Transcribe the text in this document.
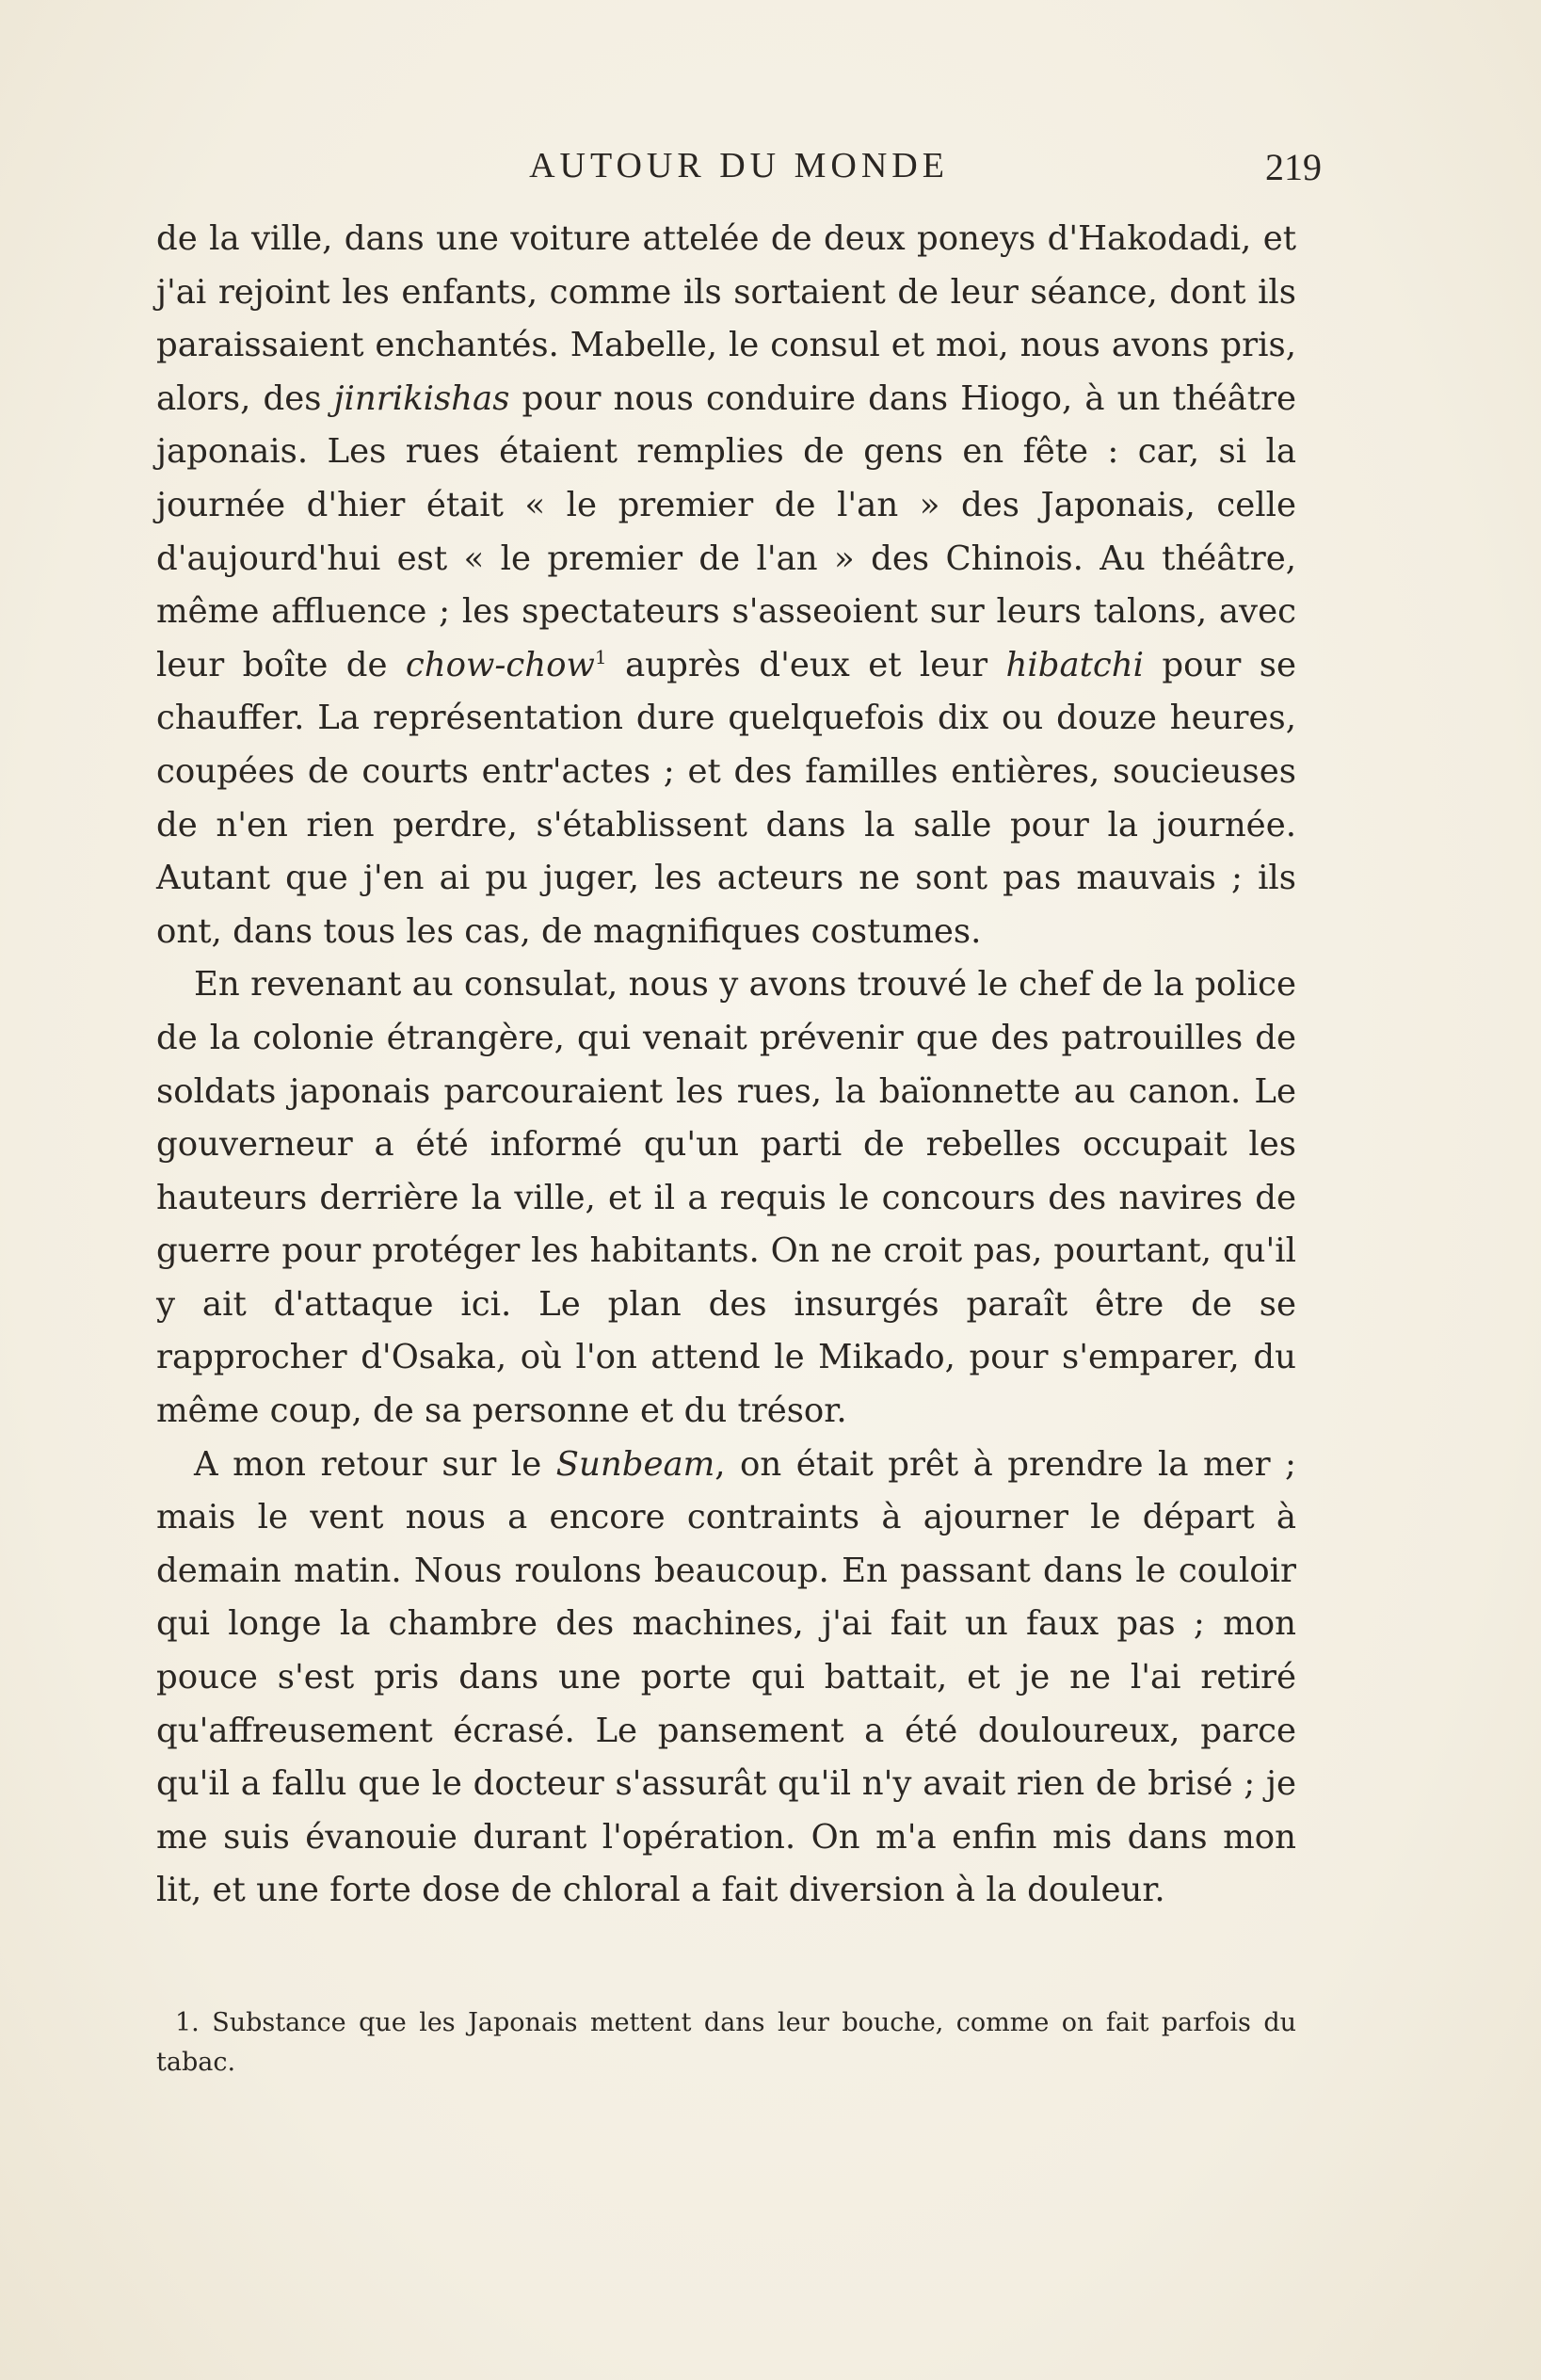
AUTOUR DU MONDE	219

de la ville, dans une voiture attelée de deux poneys d'Hakodadi, et j'ai rejoint les enfants, comme ils sortaient de leur séance, dont ils paraissaient enchantés. Mabelle, le consul et moi, nous avons pris, alors, des jinrikishas pour nous conduire dans Hiogo, à un théâtre japonais. Les rues étaient remplies de gens en fête : car, si la journée d'hier était « le premier de l'an » des Japonais, celle d'aujourd'hui est « le premier de l'an » des Chinois. Au théâtre, même affluence ; les spectateurs s'asseoient sur leurs talons, avec leur boîte de chow-chow$^1$ auprès d'eux et leur hibatchi pour se chauffer. La représentation dure quelquefois dix ou douze heures, coupées de courts entr'actes ; et des familles entières, soucieuses de n'en rien perdre, s'établissent dans la salle pour la journée. Autant que j'en ai pu juger, les acteurs ne sont pas mauvais ; ils ont, dans tous les cas, de magnifiques costumes.

En revenant au consulat, nous y avons trouvé le chef de la police de la colonie étrangère, qui venait prévenir que des patrouilles de soldats japonais parcouraient les rues, la baïonnette au canon. Le gouverneur a été informé qu'un parti de rebelles occupait les hauteurs derrière la ville, et il a requis le concours des navires de guerre pour protéger les habitants. On ne croit pas, pourtant, qu'il y ait d'attaque ici. Le plan des insurgés paraît être de se rapprocher d'Osaka, où l'on attend le Mikado, pour s'emparer, du même coup, de sa personne et du trésor.

A mon retour sur le Sunbeam, on était prêt à prendre la mer ; mais le vent nous a encore contraints à ajourner le départ à demain matin. Nous roulons beaucoup. En passant dans le couloir qui longe la chambre des machines, j'ai fait un faux pas ; mon pouce s'est pris dans une porte qui battait, et je ne l'ai retiré qu'affreusement écrasé. Le pansement a été douloureux, parce qu'il a fallu que le docteur s'assurât qu'il n'y avait rien de brisé ; je me suis évanouie durant l'opération. On m'a enfin mis dans mon lit, et une forte dose de chloral a fait diversion à la douleur.

1. Substance que les Japonais mettent dans leur bouche, comme on fait parfois du tabac.
